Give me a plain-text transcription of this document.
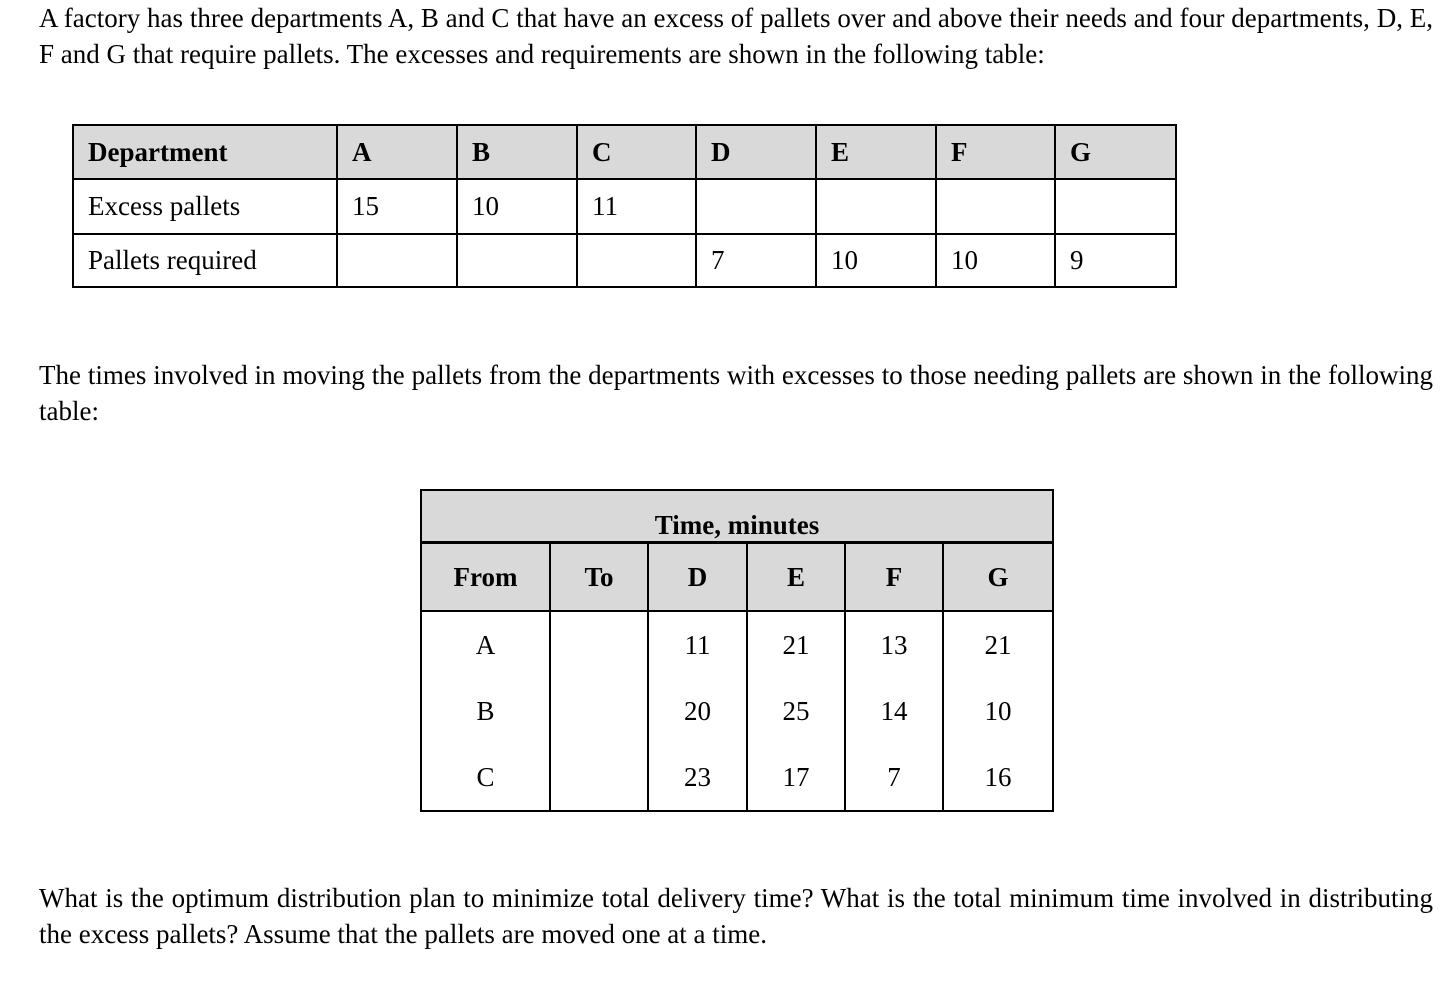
A factory has three departments A, B and C that have an excess of pallets over and above their needs and four departments, D, E, F and G that require pallets. The excesses and requirements are shown in the following table:

Department	A	B	C	D	E	F	G
Excess pallets	15	10	11				
Pallets required				7	10	10	9

The times involved in moving the pallets from the departments with excesses to those needing pallets are shown in the following table:

Time, minutes					
From	To	D	E	F	G
A		11	21	13	21
B		20	25	14	10
C		23	17	7	16

What is the optimum distribution plan to minimize total delivery time? What is the total minimum time involved in distributing the excess pallets? Assume that the pallets are moved one at a time.
